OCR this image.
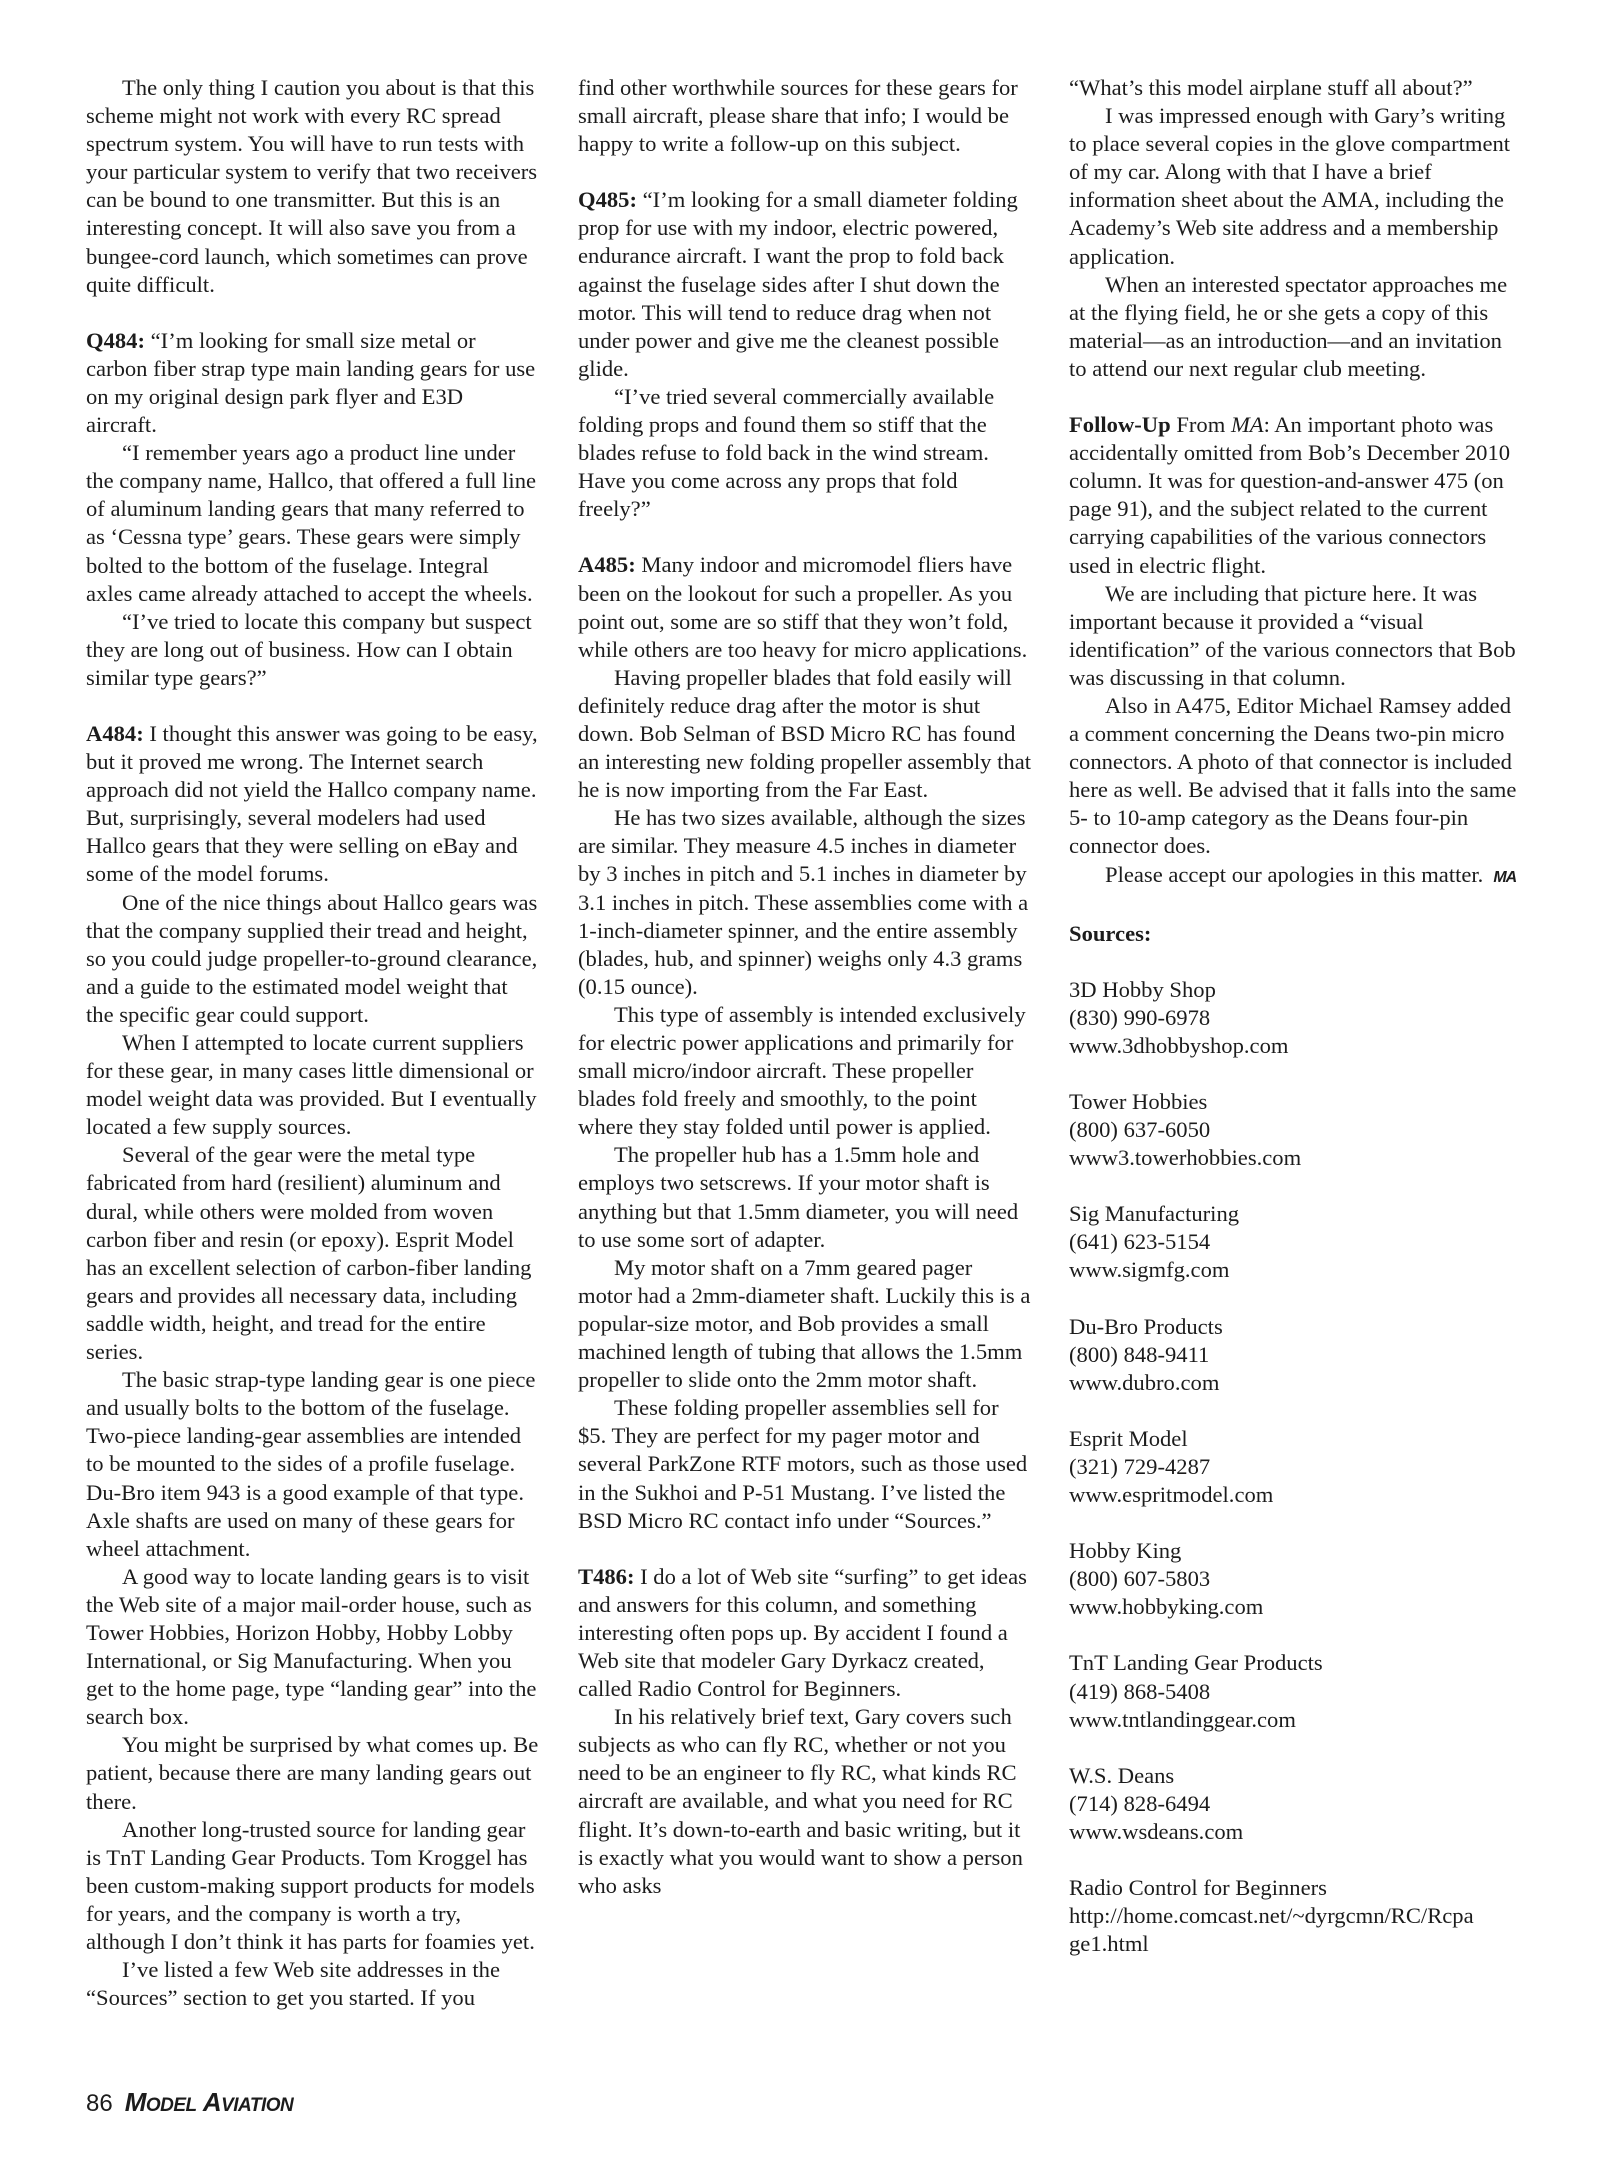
The only thing I caution you about is that this scheme might not work with every RC spread spectrum system. You will have to run tests with your particular system to verify that two receivers can be bound to one transmitter. But this is an interesting concept. It will also save you from a bungee-cord launch, which sometimes can prove quite difficult.

Q484: “I’m looking for small size metal or carbon fiber strap type main landing gears for use on my original design park flyer and E3D aircraft.

“I remember years ago a product line under the company name, Hallco, that offered a full line of aluminum landing gears that many referred to as ‘Cessna type’ gears. These gears were simply bolted to the bottom of the fuselage. Integral axles came already attached to accept the wheels.

“I’ve tried to locate this company but suspect they are long out of business. How can I obtain similar type gears?”

A484: I thought this answer was going to be easy, but it proved me wrong. The Internet search approach did not yield the Hallco company name. But, surprisingly, several modelers had used Hallco gears that they were selling on eBay and some of the model forums.

One of the nice things about Hallco gears was that the company supplied their tread and height, so you could judge propeller-to-ground clearance, and a guide to the estimated model weight that the specific gear could support.

When I attempted to locate current suppliers for these gear, in many cases little dimensional or model weight data was provided. But I eventually located a few supply sources.

Several of the gear were the metal type fabricated from hard (resilient) aluminum and dural, while others were molded from woven carbon fiber and resin (or epoxy). Esprit Model has an excellent selection of carbon-fiber landing gears and provides all necessary data, including saddle width, height, and tread for the entire series.

The basic strap-type landing gear is one piece and usually bolts to the bottom of the fuselage. Two-piece landing-gear assemblies are intended to be mounted to the sides of a profile fuselage. Du-Bro item 943 is a good example of that type. Axle shafts are used on many of these gears for wheel attachment.

A good way to locate landing gears is to visit the Web site of a major mail-order house, such as Tower Hobbies, Horizon Hobby, Hobby Lobby International, or Sig Manufacturing. When you get to the home page, type “landing gear” into the search box.

You might be surprised by what comes up. Be patient, because there are many landing gears out there.

Another long-trusted source for landing gear is TnT Landing Gear Products. Tom Kroggel has been custom-making support products for models for years, and the company is worth a try, although I don’t think it has parts for foamies yet.

I’ve listed a few Web site addresses in the “Sources” section to get you started. If you

find other worthwhile sources for these gears for small aircraft, please share that info; I would be happy to write a follow-up on this subject.

Q485: “I’m looking for a small diameter folding prop for use with my indoor, electric powered, endurance aircraft. I want the prop to fold back against the fuselage sides after I shut down the motor. This will tend to reduce drag when not under power and give me the cleanest possible glide.

“I’ve tried several commercially available folding props and found them so stiff that the blades refuse to fold back in the wind stream. Have you come across any props that fold freely?”

A485: Many indoor and micromodel fliers have been on the lookout for such a propeller. As you point out, some are so stiff that they won’t fold, while others are too heavy for micro applications.

Having propeller blades that fold easily will definitely reduce drag after the motor is shut down. Bob Selman of BSD Micro RC has found an interesting new folding propeller assembly that he is now importing from the Far East.

He has two sizes available, although the sizes are similar. They measure 4.5 inches in diameter by 3 inches in pitch and 5.1 inches in diameter by 3.1 inches in pitch. These assemblies come with a 1-inch-diameter spinner, and the entire assembly (blades, hub, and spinner) weighs only 4.3 grams (0.15 ounce).

This type of assembly is intended exclusively for electric power applications and primarily for small micro/indoor aircraft. These propeller blades fold freely and smoothly, to the point where they stay folded until power is applied.

The propeller hub has a 1.5mm hole and employs two setscrews. If your motor shaft is anything but that 1.5mm diameter, you will need to use some sort of adapter.

My motor shaft on a 7mm geared pager motor had a 2mm-diameter shaft. Luckily this is a popular-size motor, and Bob provides a small machined length of tubing that allows the 1.5mm propeller to slide onto the 2mm motor shaft.

These folding propeller assemblies sell for $5. They are perfect for my pager motor and several ParkZone RTF motors, such as those used in the Sukhoi and P-51 Mustang. I’ve listed the BSD Micro RC contact info under “Sources.”

T486: I do a lot of Web site “surfing” to get ideas and answers for this column, and something interesting often pops up. By accident I found a Web site that modeler Gary Dyrkacz created, called Radio Control for Beginners.

In his relatively brief text, Gary covers such subjects as who can fly RC, whether or not you need to be an engineer to fly RC, what kinds RC aircraft are available, and what you need for RC flight. It’s down-to-earth and basic writing, but it is exactly what you would want to show a person who asks

“What’s this model airplane stuff all about?”

I was impressed enough with Gary’s writing to place several copies in the glove compartment of my car. Along with that I have a brief information sheet about the AMA, including the Academy’s Web site address and a membership application.

When an interested spectator approaches me at the flying field, he or she gets a copy of this material—as an introduction—and an invitation to attend our next regular club meeting.

Follow-Up From MA: An important photo was accidentally omitted from Bob’s December 2010 column. It was for question-and-answer 475 (on page 91), and the subject related to the current carrying capabilities of the various connectors used in electric flight.

We are including that picture here. It was important because it provided a “visual identification” of the various connectors that Bob was discussing in that column.

Also in A475, Editor Michael Ramsey added a comment concerning the Deans two-pin micro connectors. A photo of that connector is included here as well. Be advised that it falls into the same 5- to 10-amp category as the Deans four-pin connector does.

Please accept our apologies in this matter. MA

Sources:

3D Hobby Shop
(830) 990-6978
www.3dhobbyshop.com
Tower Hobbies
(800) 637-6050
www3.towerhobbies.com
Sig Manufacturing
(641) 623-5154
www.sigmfg.com
Du-Bro Products
(800) 848-9411
www.dubro.com
Esprit Model
(321) 729-4287
www.espritmodel.com
Hobby King
(800) 607-5803
www.hobbyking.com
TnT Landing Gear Products
(419) 868-5408
www.tntlandinggear.com
W.S. Deans
(714) 828-6494
www.wsdeans.com
Radio Control for Beginners
http://home.comcast.net/~dyrgcmn/RC/Rcpa
ge1.html
86 MODEL AVIATION
